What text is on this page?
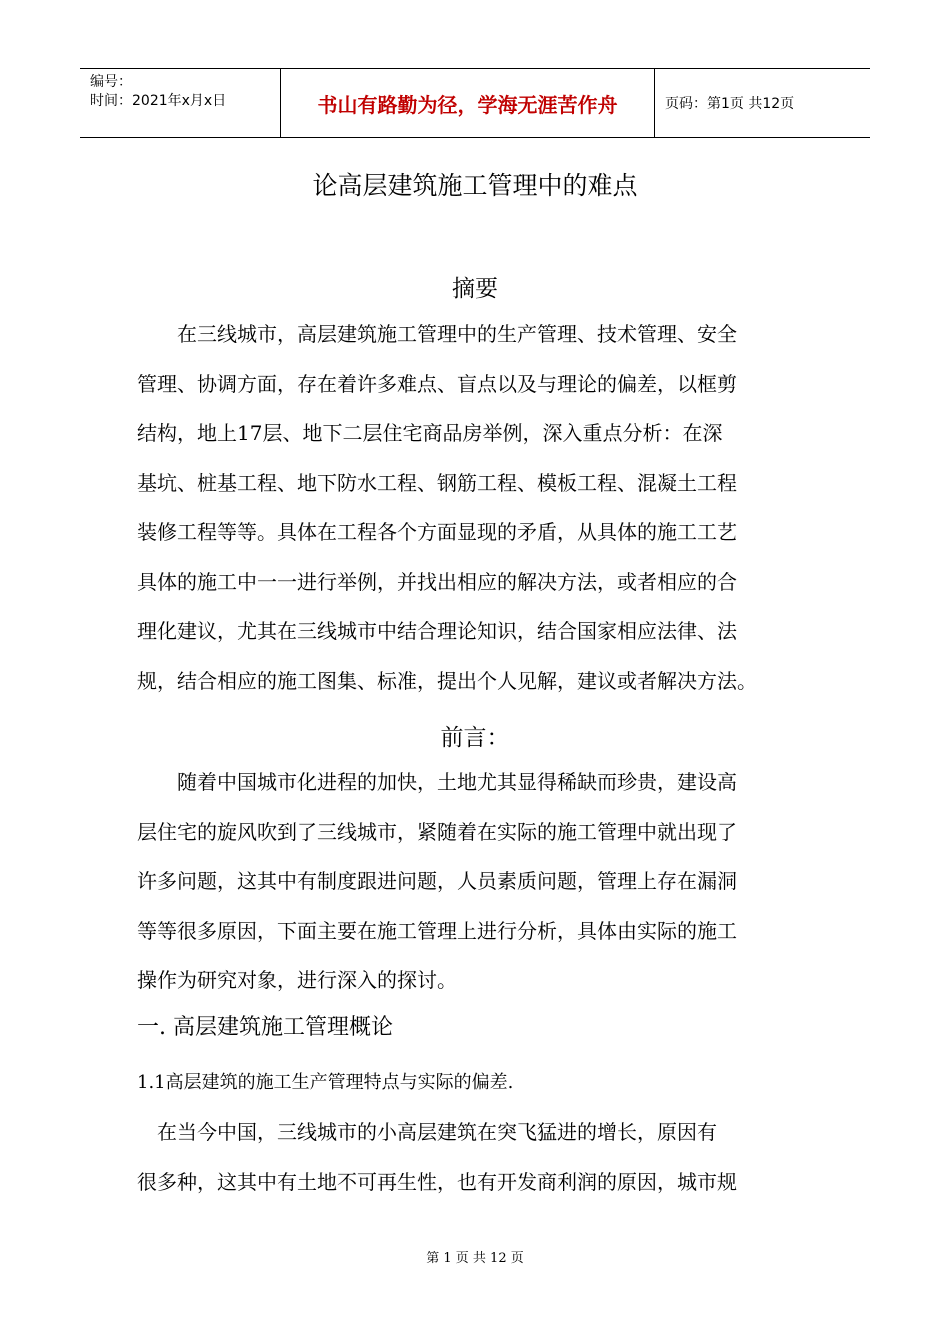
编号：
时间：2021年x月x日	书山有路勤为径，学海无涯苦作舟	页码：第1页 共12页
论高层建筑施工管理中的难点
摘要

　　在三线城市，高层建筑施工管理中的生产管理、技术管理、安全

管理、协调方面，存在着许多难点、盲点以及与理论的偏差，以框剪

结构，地上17层、地下二层住宅商品房举例，深入重点分析：在深

基坑、桩基工程、地下防水工程、钢筋工程、模板工程、混凝土工程

装修工程等等。具体在工程各个方面显现的矛盾，从具体的施工工艺

具体的施工中一一进行举例，并找出相应的解决方法，或者相应的合

理化建议，尤其在三线城市中结合理论知识，结合国家相应法律、法

规，结合相应的施工图集、标准，提出个人见解，建议或者解决方法。

前言：

　　随着中国城市化进程的加快，土地尤其显得稀缺而珍贵，建设高

层住宅的旋风吹到了三线城市，紧随着在实际的施工管理中就出现了

许多问题，这其中有制度跟进问题，人员素质问题，管理上存在漏洞

等等很多原因，下面主要在施工管理上进行分析，具体由实际的施工

操作为研究对象，进行深入的探讨。

一. 高层建筑施工管理概论
1.1高层建筑的施工生产管理特点与实际的偏差.

　在当今中国，三线城市的小高层建筑在突飞猛进的增长，原因有

很多种，这其中有土地不可再生性，也有开发商利润的原因，城市规

第 1 页 共 12 页
